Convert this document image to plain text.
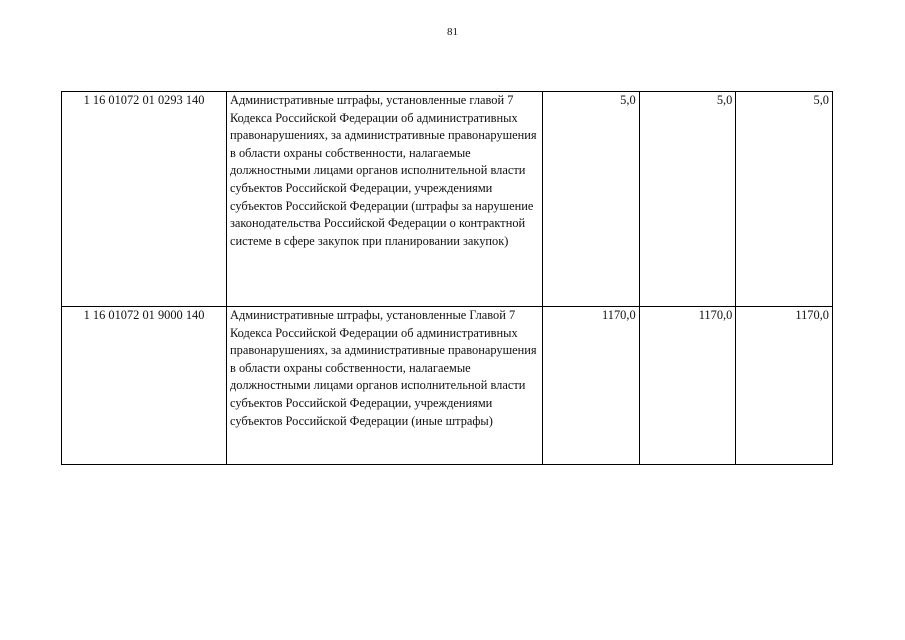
81
1 16 01072 01 0293 140	Административные штрафы, установленные главой 7 Кодекса Российской Федерации об административных правонарушениях, за административные правонарушения в области охраны собственности, налагаемые должностными лицами органов исполнительной власти субъектов Российской Федерации, учреждениями субъектов Российской Федерации (штрафы за нарушение законодательства Российской Федерации о контрактной системе в сфере закупок при планировании закупок)	5,0	5,0	5,0
1 16 01072 01 9000 140	Административные штрафы, установленные Главой 7 Кодекса Российской Федерации об административных правонарушениях, за административные правонарушения в области охраны собственности, налагаемые должностными лицами органов исполнительной власти субъектов Российской Федерации, учреждениями субъектов Российской Федерации (иные штрафы)	1170,0	1170,0	1170,0
